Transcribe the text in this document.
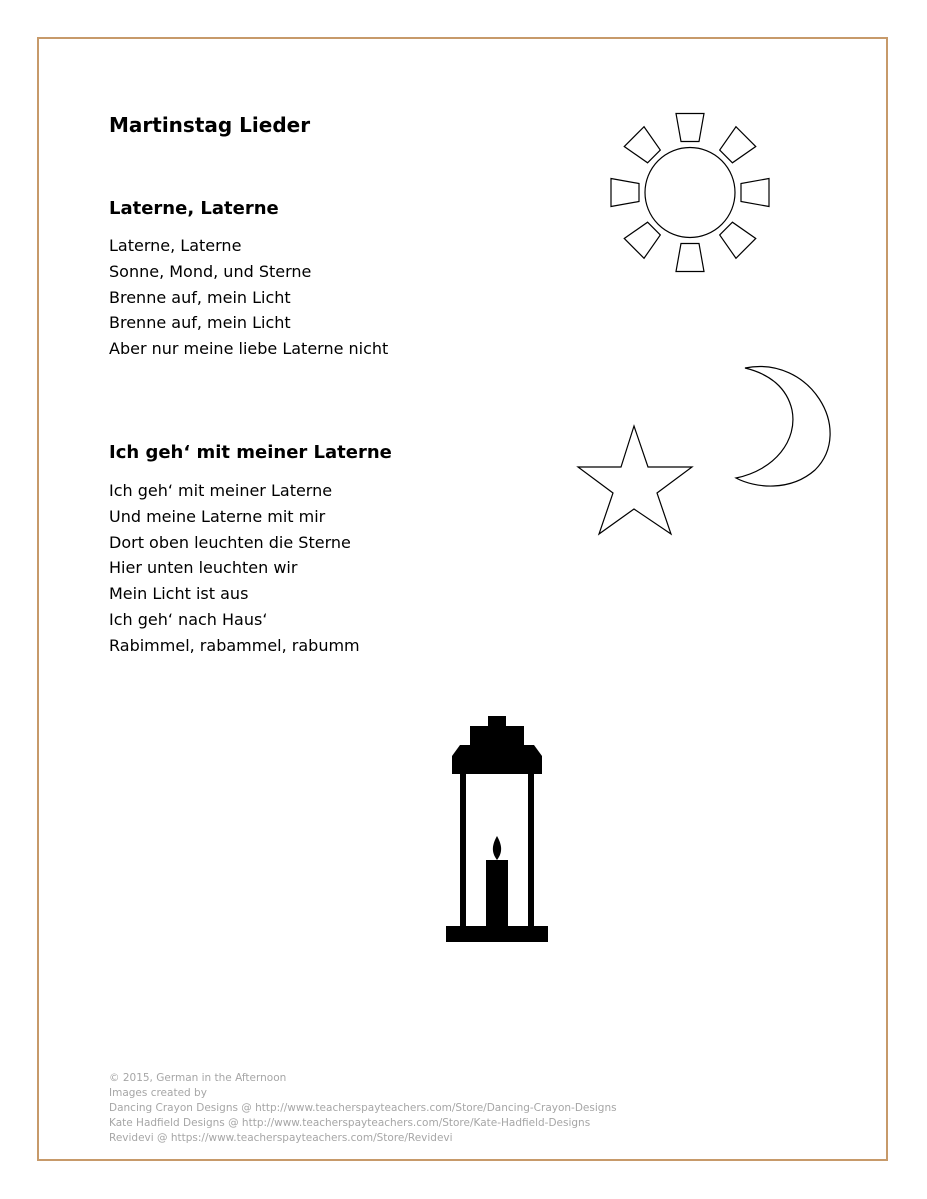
Martinstag Lieder
Laterne, Laterne
Laterne, Laterne
Sonne, Mond, und Sterne
Brenne auf, mein Licht
Brenne auf, mein Licht
Aber nur meine liebe Laterne nicht
Ich geh‘ mit meiner Laterne
Ich geh‘ mit meiner Laterne
Und meine Laterne mit mir
Dort oben leuchten die Sterne
Hier unten leuchten wir
Mein Licht ist aus
Ich geh‘ nach Haus‘
Rabimmel, rabammel, rabumm
© 2015, German in the Afternoon
Images created by
Dancing Crayon Designs @ http://www.teacherspayteachers.com/Store/Dancing-Crayon-Designs
Kate Hadfield Designs @ http://www.teacherspayteachers.com/Store/Kate-Hadfield-Designs
Revidevi @ https://www.teacherspayteachers.com/Store/Revidevi
